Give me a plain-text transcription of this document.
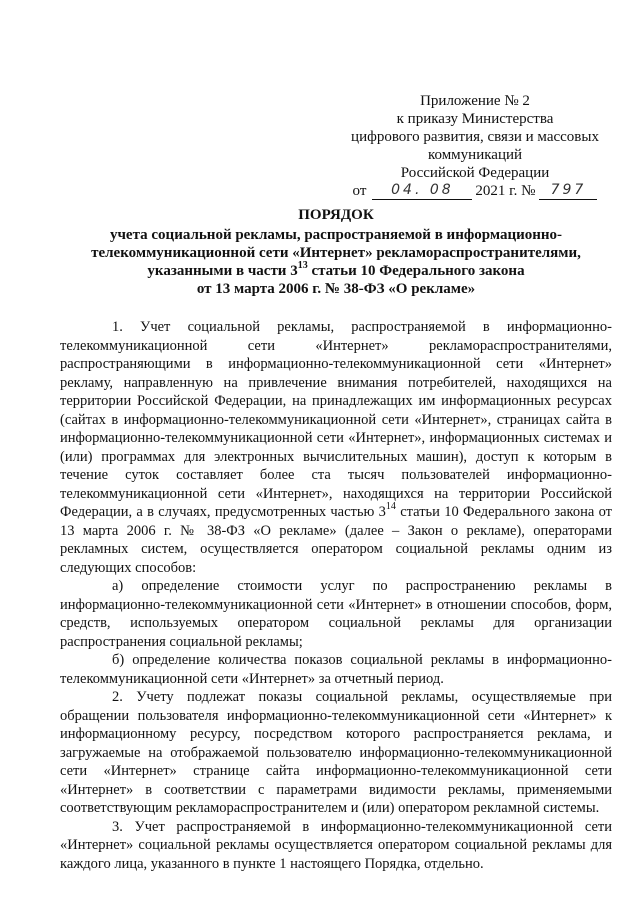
Приложение № 2
к приказу Министерства
цифрового развития, связи и массовых
коммуникаций
Российской Федерации
от	04. 08	2021 г. №	797
ПОРЯДОК
учета социальной рекламы, распространяемой в информационно-
телекоммуникационной сети «Интернет» рекламораспространителями,
указанными в части $3^{13}$ статьи 10 Федерального закона
от 13 марта 2006 г. № 38-ФЗ «О рекламе»

1. Учет социальной рекламы, распространяемой в информационно-телекоммуникационной сети «Интернет» рекламораспространителями, распространяющими в информационно-телекоммуникационной сети «Интернет» рекламу, направленную на привлечение внимания потребителей, находящихся на территории Российской Федерации, на принадлежащих им информационных ресурсах (сайтах в информационно-телекоммуникационной сети «Интернет», страницах сайта в информационно-телекоммуникационной сети «Интернет», информационных системах и (или) программах для электронных вычислительных машин), доступ к которым в течение суток составляет более ста тысяч пользователей информационно-телекоммуникационной сети «Интернет», находящихся на территории Российской Федерации, а в случаях, предусмотренных частью $3^{14}$ статьи 10 Федерального закона от 13 марта 2006 г. № 38-ФЗ «О рекламе» (далее – Закон о рекламе), операторами рекламных систем, осуществляется оператором социальной рекламы одним из следующих способов:

а) определение стоимости услуг по распространению рекламы в информационно-телекоммуникационной сети «Интернет» в отношении способов, форм, средств, используемых оператором социальной рекламы для организации распространения социальной рекламы;

б) определение количества показов социальной рекламы в информационно-телекоммуникационной сети «Интернет» за отчетный период.

2. Учету подлежат показы социальной рекламы, осуществляемые при обращении пользователя информационно-телекоммуникационной сети «Интернет» к информационному ресурсу, посредством которого распространяется реклама, и загружаемые на отображаемой пользователю информационно-телекоммуникационной сети «Интернет» странице сайта информационно-телекоммуникационной сети «Интернет» в соответствии с параметрами видимости рекламы, применяемыми соответствующим рекламораспространителем и (или) оператором рекламной системы.

3. Учет распространяемой в информационно-телекоммуникационной сети «Интернет» социальной рекламы осуществляется оператором социальной рекламы для каждого лица, указанного в пункте 1 настоящего Порядка, отдельно.
